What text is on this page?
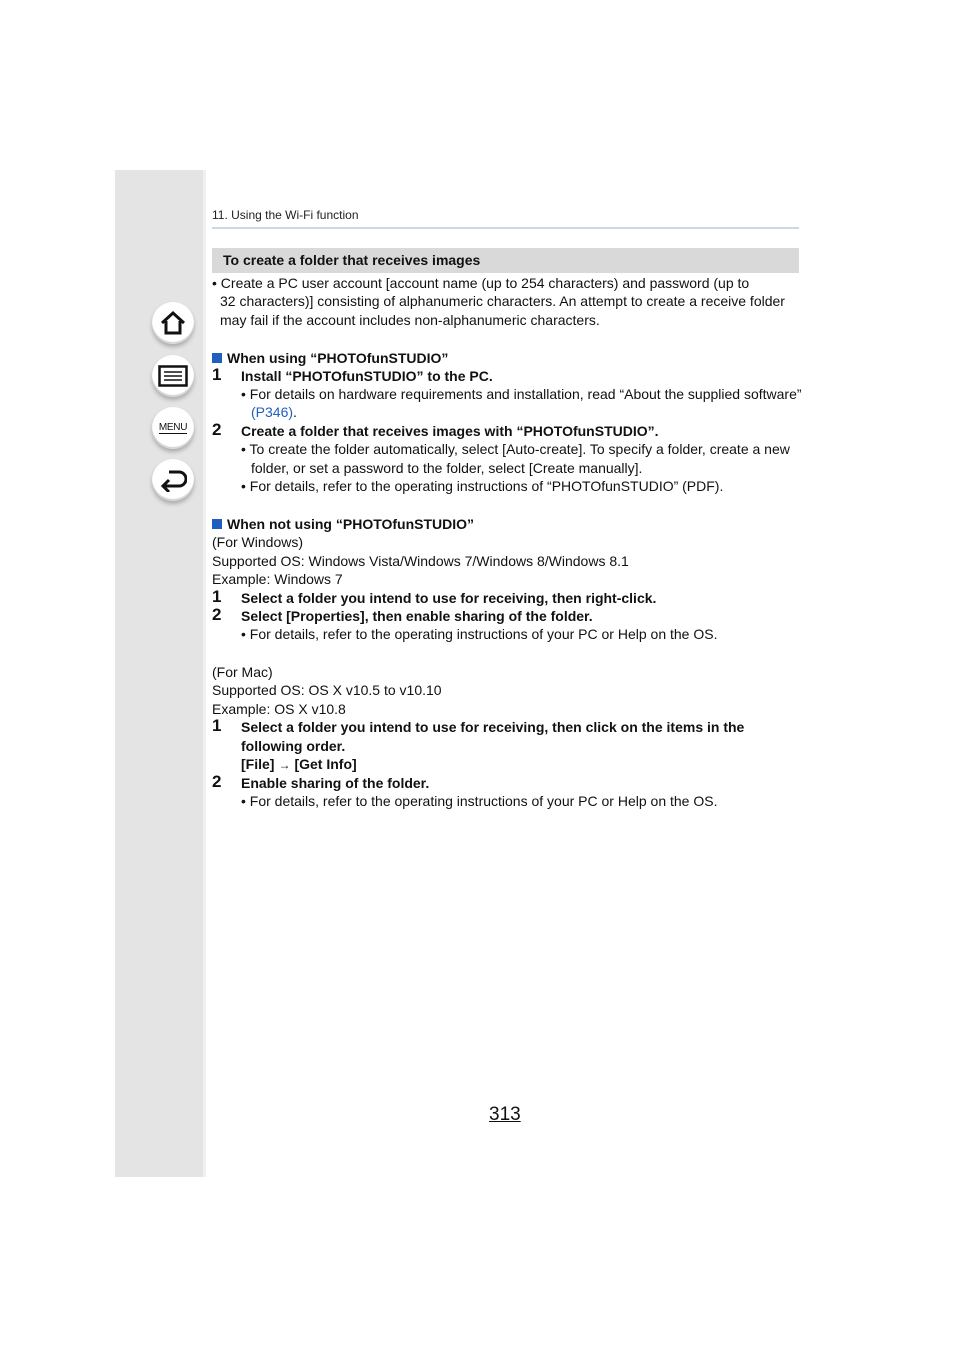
MENU
11. Using the Wi-Fi function
To create a folder that receives images
• Create a PC user account [account name (up to 254 characters) and password (up to
32 characters)] consisting of alphanumeric characters. An attempt to create a receive folder
may fail if the account includes non-alphanumeric characters.
When using “PHOTOfunSTUDIO”
1 Install “PHOTOfunSTUDIO” to the PC.
• For details on hardware requirements and installation, read “About the supplied software”
(P346).
2 Create a folder that receives images with “PHOTOfunSTUDIO”.
• To create the folder automatically, select [Auto-create]. To specify a folder, create a new
folder, or set a password to the folder, select [Create manually].
• For details, refer to the operating instructions of “PHOTOfunSTUDIO” (PDF).
When not using “PHOTOfunSTUDIO”
(For Windows)
Supported OS: Windows Vista/Windows 7/Windows 8/Windows 8.1
Example: Windows 7
1 Select a folder you intend to use for receiving, then right-click.
2 Select [Properties], then enable sharing of the folder.
• For details, refer to the operating instructions of your PC or Help on the OS.
(For Mac)
Supported OS: OS X v10.5 to v10.10
Example: OS X v10.8
1 Select a folder you intend to use for receiving, then click on the items in the
following order.
[File] → [Get Info]
2 Enable sharing of the folder.
• For details, refer to the operating instructions of your PC or Help on the OS.
313
